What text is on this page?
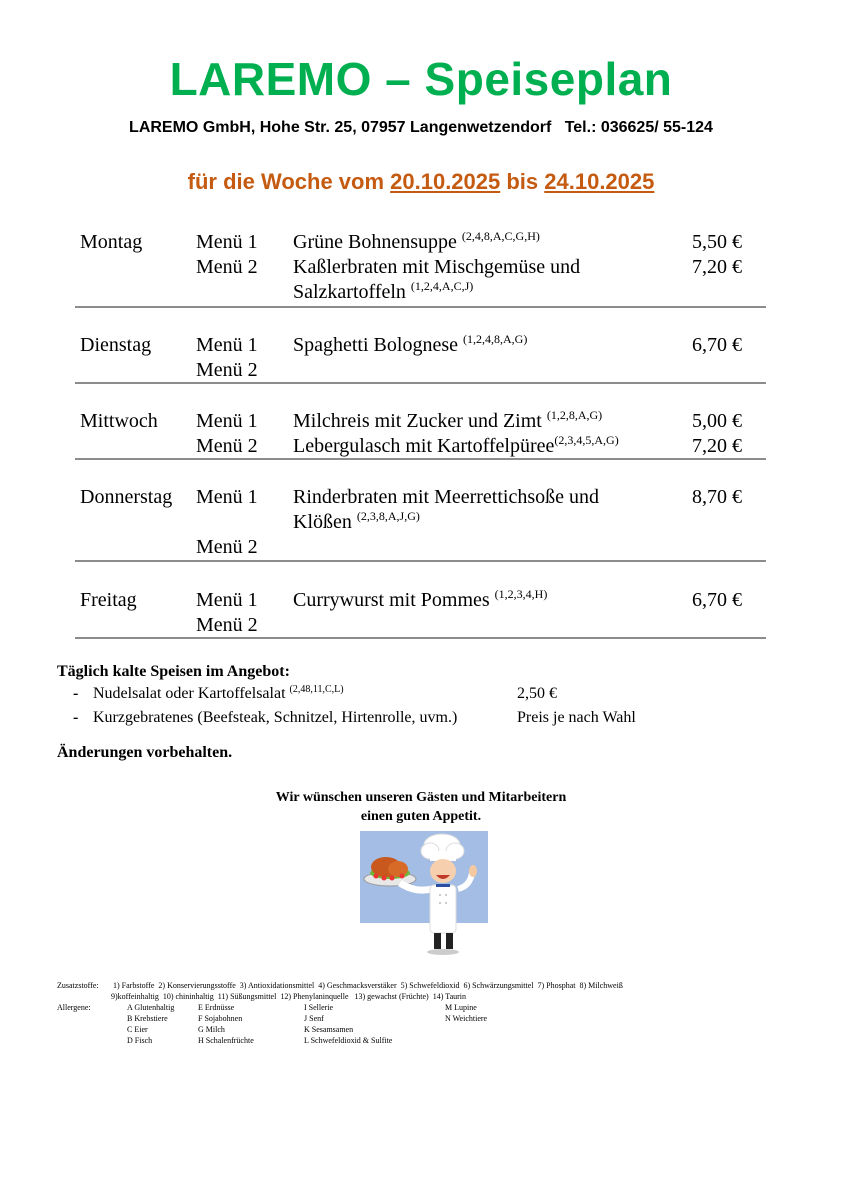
LAREMO – Speiseplan
LAREMO GmbH, Hohe Str. 25, 07957 Langenwetzendorf   Tel.: 036625/ 55-124
für die Woche vom 20.10.2025 bis 24.10.2025
Montag	Menü 1 Grüne Bohnensuppe $^{(2,4,8,A,C,G,H)}$	5,50 €
Menü 2 Kaßlerbraten mit Mischgemüse und	7,20 €
Salzkartoffeln $^{(1,2,4,A,C,J)}$
Dienstag Menü 1 Spaghetti Bolognese $^{(1,2,4,8,A,G)}$	6,70 €
Menü 2
Mittwoch Menü 1 Milchreis mit Zucker und Zimt $^{(1,2,8,A,G)}$	5,00 €
Menü 2 Lebergulasch mit Kartoffelpüree$^{(2,3,4,5,A,G)}$	7,20 €
Donnerstag Menü 1 Rinderbraten mit Meerrettichsoße und	8,70 €
Klößen $^{(2,3,8,A,J,G)}$
Menü 2
Freitag	Menü 1 Currywurst mit Pommes $^{(1,2,3,4,H)}$	6,70 €
Menü 2
Täglich kalte Speisen im Angebot:
- Nudelsalat oder Kartoffelsalat $^{(2,48,11,C,L)}$	2,50 €
- Kurzgebratenes (Beefsteak, Schnitzel, Hirtenrolle, uvm.)	Preis je nach Wahl
Änderungen vorbehalten.
Wir wünschen unseren Gästen und Mitarbeitern
einen guten Appetit.
Zusatzstoffe: 1) Farbstoffe  2) Konservierungsstoffe  3) Antioxidationsmittel  4) Geschmacksverstäker  5) Schwefeldioxid  6) Schwärzungsmittel  7) Phosphat  8) Milchweiß
9)koffeinhaltig  10) chininhaltig  11) Süßungsmittel  12) Phenylaninquelle   13) gewachst (Früchte)  14) Taurin
Allergene:	A Glutenhaltig	E Erdnüsse	I Sellerie	M Lupine
B Krebstiere	F Sojabohnen	J Senf	N Weichtiere
C Eier	G Milch	K Sesamsamen
D Fisch	H Schalenfrüchte	L Schwefeldioxid & Sulfite
